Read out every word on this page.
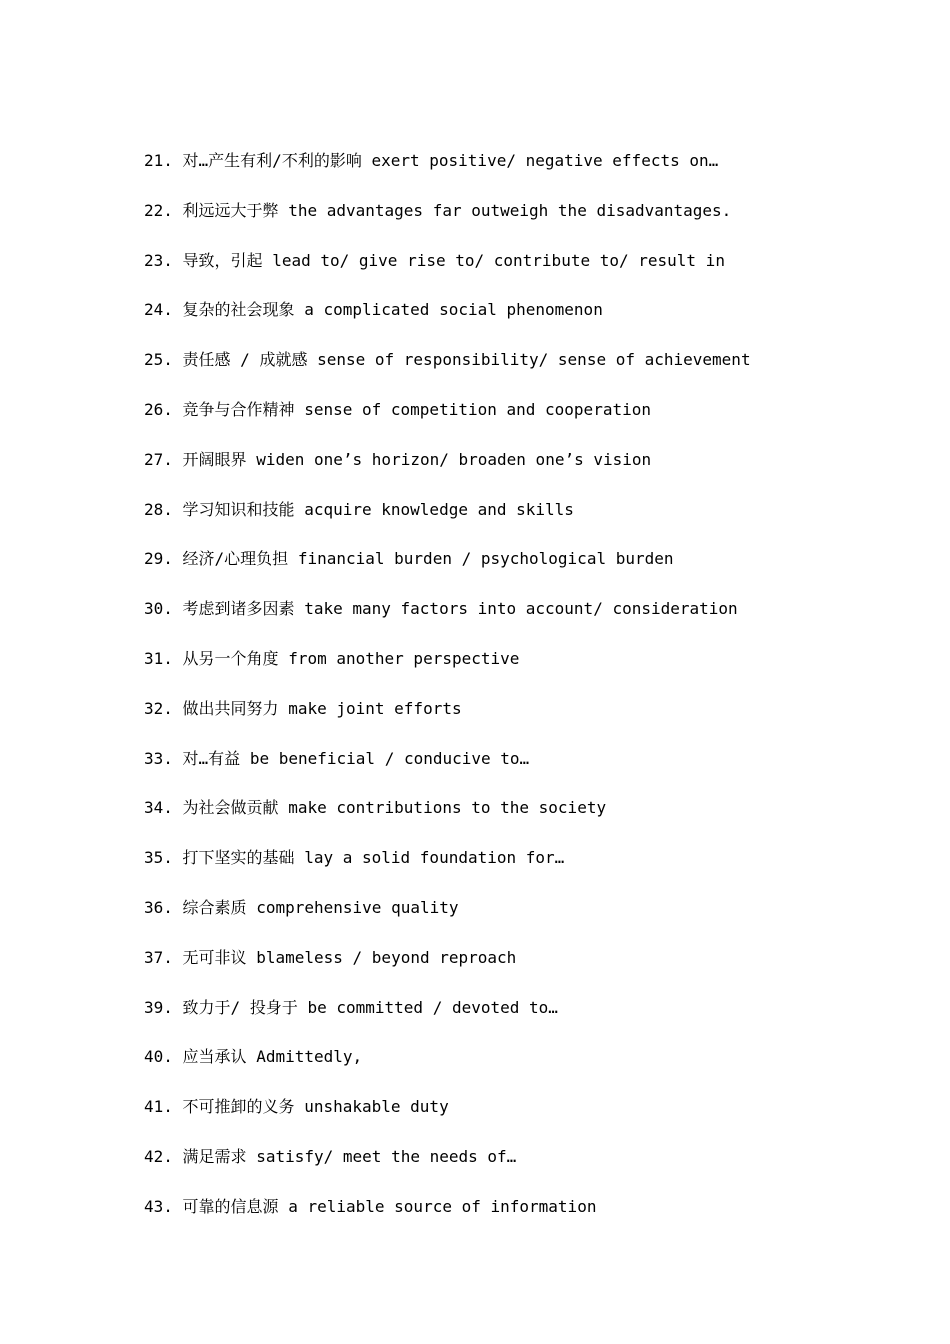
21. 对…产生有利/不利的影响 exert positive/ negative effects on…
22. 利远远大于弊 the advantages far outweigh the disadvantages.
23. 导致，引起 lead to/ give rise to/ contribute to/ result in
24. 复杂的社会现象 a complicated social phenomenon
25. 责任感 / 成就感 sense of responsibility/ sense of achievement
26. 竞争与合作精神 sense of competition and cooperation
27. 开阔眼界 widen one’s horizon/ broaden one’s vision
28. 学习知识和技能 acquire knowledge and skills
29. 经济/心理负担 financial burden / psychological burden
30. 考虑到诸多因素 take many factors into account/ consideration
31. 从另一个角度 from another perspective
32. 做出共同努力 make joint efforts
33. 对…有益 be beneficial / conducive to…
34. 为社会做贡献 make contributions to the society
35. 打下坚实的基础 lay a solid foundation for…
36. 综合素质 comprehensive quality
37. 无可非议 blameless / beyond reproach
39. 致力于/ 投身于 be committed / devoted to…
40. 应当承认 Admittedly,
41. 不可推卸的义务 unshakable duty
42. 满足需求 satisfy/ meet the needs of…
43. 可靠的信息源 a reliable source of information
